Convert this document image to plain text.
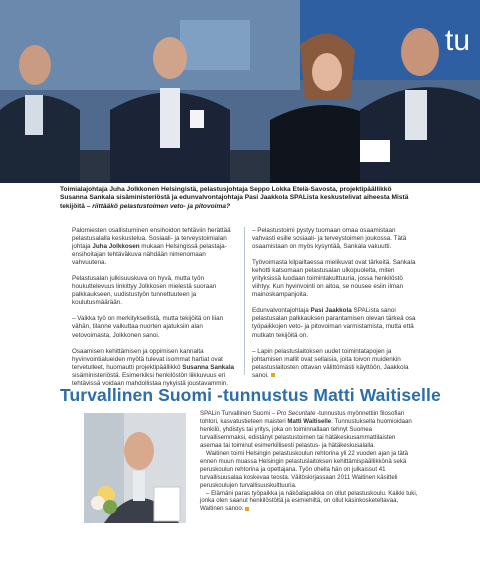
tu
Toimialajohtaja Juha Jolkkonen Helsingistä, pelastusjohtaja Seppo Lokka Etelä-Savosta, projektipäällikkö Susanna Sankala sisäministeriöstä ja edunvalvontajohtaja Pasi Jaakkola SPAListа keskustelivat aiheesta Mistä tekijöitä – riittääkö pelastustoimen veto- ja pitovoima?

Palomiesten osallistuminen ensihoidon tehtäviin herättää pelastusalalla keskustelua. Sosiaali- ja terveystoimialan johtaja Juha Jolkkosen mukaan Helsingissä pelastaja-ensihoitajan tehtäväkuva nähdään nimenomaan vahvuutena.

Pelastusalan julkisuuskuva on hyvä, mutta työn houkuttelevuus linkittyy Jolkkosen mielestä suoraan palkkaukseen, uudistustyön tunnettuuteen ja koulutusmäärään.

– Vaikka työ on merkityksellistä, mutta tekijöitä on liian vähän, tilanne valkuttaa nuorten ajatuksiin alan vetovoimasta, Jolkkonen sanoi.

Osaamisen kehittämisen ja oppimisen kannalta hyvinvointialueiden myötä tulevat isommat hartiat ovat tervetulleet, huomautti projektipäällikkö Susanna Sankala sisäministeriöstä. Esimerkiksi henkilöstön liikkuvuus eri tehtävissä voidaan mahdollistaa nykyistä joustavammin.

– Pelastustoimi pystyy tuomaan omaa osaamistaan vahvasti esille sosiaali- ja terveystoimen joukossa. Tätä osaamistaan on myös kysyntää, Sankala vakuutti.

Työvoimasta kilpailtaessa mielikuvat ovat tärkeitä. Sankala kehotti katsomaan pelastusalan ulkopuolelta, miten yrityksissä luodaan toimintakulttuuria, jossa henkilöstö viihtyy. Kun hyvinvointi on aitoa, se nousee esiin ilman mainoskampanjoita.

Edunvalvontajohtaja Pasi Jaakkola SPAListа sanoi pelastusalan palkkauksen parantamisen olevan tärkeä osa työpaikkojen veto- ja pitovoiman varmistamista, mutta että mutkatn tekijöitä on.

– Lapin pelastuslaitoksen uudet toimintatapojen ja johtamisen mallit ovat sellaisia, joita toivon muidenkin pelastuslaitosten ottavan välittömästi käyttöön, Jaakkola sanoi.

Turvallinen Suomi -tunnustus Matti Waitiselle

SPALin Turvallinen Suomi – Pro Securitate -tunnustus myönnettiin filosofian tohtori, kasvatustieteen maisteri Matti Waitiselle. Tunnustuksella huomioidaan henkilö, yhdistys tai yritys, joka on toiminnallaan tehnyt Suomea turvallisemmaksi, edistänyt pelastustoimen tai hätäkeskusammattilaisten asemaa tai toiminut esimerkillisesti pelastus- ja hätäkeskusalalla.

Waitinen toimi Helsingin pelastuskoulun rehtorina yli 22 vuoden ajan ja tätä ennen muun muassa Helsingin pelastuslaitoksen kehittämispäällikkönä sekä peruskoulun rehtorina ja opettajana. Työn ohella hän on julkaissut 41 turvallisuusalaa koskevaa teosta. Väitöskirjassaan 2011 Waitinen käsitteli peruskoulujen turvallisuuskulttuuria.

– Elämäni paras työpaikka ja näköalapaikka on ollut pelastuskoulu. Kaikki tuki, jonka olen saanut henkilöstöltä ja esimiehiltä, on ollut käsinkosketeltavaa, Waitinen sanoo.
